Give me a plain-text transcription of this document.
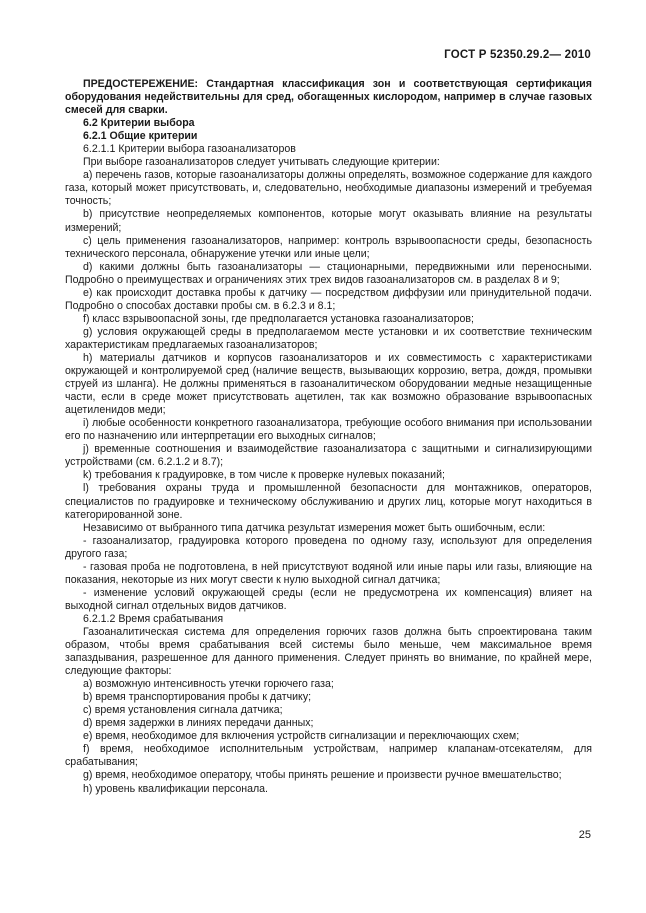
ГОСТ Р 52350.29.2— 2010

ПРЕДОСТЕРЕЖЕНИЕ: Стандартная классификация зон и соответствующая сертификация оборудования недействительны для сред, обогащенных кислородом, например в случае газовых смесей для сварки.

6.2 Критерии выбора

6.2.1 Общие критерии

6.2.1.1 Критерии выбора газоанализаторов

При выборе газоанализаторов следует учитывать следующие критерии:

a) перечень газов, которые газоанализаторы должны определять, возможное содержание для каждого газа, который может присутствовать, и, следовательно, необходимые диапазоны измерений и требуемая точность;

b) присутствие неопределяемых компонентов, которые могут оказывать влияние на результаты измерений;

c) цель применения газоанализаторов, например: контроль взрывоопасности среды, безопасность технического персонала, обнаружение утечки или иные цели;

d) какими должны быть газоанализаторы — стационарными, передвижными или переносными. Подробно о преимуществах и ограничениях этих трех видов газоанализаторов см. в разделах 8 и 9;

e) как происходит доставка пробы к датчику — посредством диффузии или принудительной подачи. Подробно о способах доставки пробы см. в 6.2.3 и 8.1;

f) класс взрывоопасной зоны, где предполагается установка газоанализаторов;

g) условия окружающей среды в предполагаемом месте установки и их соответствие техническим характеристикам предлагаемых газоанализаторов;

h) материалы датчиков и корпусов газоанализаторов и их совместимость с характеристиками окружающей и контролируемой сред (наличие веществ, вызывающих коррозию, ветра, дождя, промывки струей из шланга). Не должны применяться в газоаналитическом оборудовании медные незащищенные части, если в среде может присутствовать ацетилен, так как возможно образование взрывоопасных ацетиленидов меди;

i) любые особенности конкретного газоанализатора, требующие особого внимания при использовании его по назначению или интерпретации его выходных сигналов;

j) временные соотношения и взаимодействие газоанализатора с защитными и сигнализирующими устройствами (см. 6.2.1.2 и 8.7);

k) требования к градуировке, в том числе к проверке нулевых показаний;

l) требования охраны труда и промышленной безопасности для монтажников, операторов, специалистов по градуировке и техническому обслуживанию и других лиц, которые могут находиться в категорированной зоне.

Независимо от выбранного типа датчика результат измерения может быть ошибочным, если:

- газоанализатор, градуировка которого проведена по одному газу, используют для определения другого газа;

- газовая проба не подготовлена, в ней присутствуют водяной или иные пары или газы, влияющие на показания, некоторые из них могут свести к нулю выходной сигнал датчика;

- изменение условий окружающей среды (если не предусмотрена их компенсация) влияет на выходной сигнал отдельных видов датчиков.

6.2.1.2 Время срабатывания

Газоаналитическая система для определения горючих газов должна быть спроектирована таким образом, чтобы время срабатывания всей системы было меньше, чем максимальное время запаздывания, разрешенное для данного применения. Следует принять во внимание, по крайней мере, следующие факторы:

a) возможную интенсивность утечки горючего газа;

b) время транспортирования пробы к датчику;

c) время установления сигнала датчика;

d) время задержки в линиях передачи данных;

e) время, необходимое для включения устройств сигнализации и переключающих схем;

f) время, необходимое исполнительным устройствам, например клапанам-отсекателям, для срабатывания;

g) время, необходимое оператору, чтобы принять решение и произвести ручное вмешательство;

h) уровень квалификации персонала.

25
